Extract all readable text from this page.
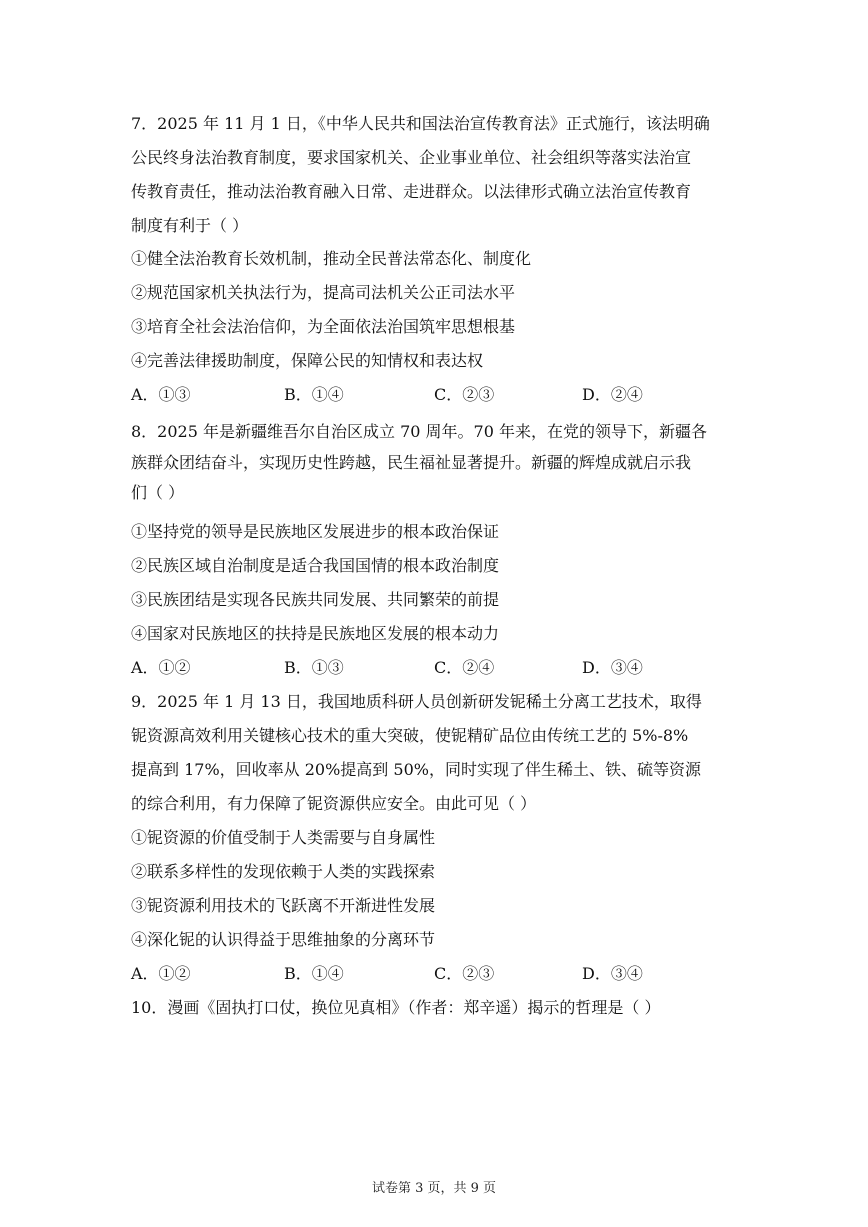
7．2025 年 11 月 1 日，《中华人民共和国法治宣传教育法》正式施行，该法明确
公民终身法治教育制度，要求国家机关、企业事业单位、社会组织等落实法治宣
传教育责任，推动法治教育融入日常、走进群众。以法律形式确立法治宣传教育
制度有利于（ ）
①健全法治教育长效机制，推动全民普法常态化、制度化
②规范国家机关执法行为，提高司法机关公正司法水平
③培育全社会法治信仰，为全面依法治国筑牢思想根基
④完善法律援助制度，保障公民的知情权和表达权
A．①③	B．①④	C．②③	D．②④
8．2025 年是新疆维吾尔自治区成立 70 周年。70 年来，在党的领导下，新疆各
族群众团结奋斗，实现历史性跨越，民生福祉显著提升。新疆的辉煌成就启示我
们（ ）
①坚持党的领导是民族地区发展进步的根本政治保证
②民族区域自治制度是适合我国国情的根本政治制度
③民族团结是实现各民族共同发展、共同繁荣的前提
④国家对民族地区的扶持是民族地区发展的根本动力
A．①②	B．①③	C．②④	D．③④
9．2025 年 1 月 13 日，我国地质科研人员创新研发铌稀土分离工艺技术，取得
铌资源高效利用关键核心技术的重大突破，使铌精矿品位由传统工艺的 5%-8%
提高到 17%，回收率从 20%提高到 50%，同时实现了伴生稀土、铁、硫等资源
的综合利用，有力保障了铌资源供应安全。由此可见（ ）
①铌资源的价值受制于人类需要与自身属性
②联系多样性的发现依赖于人类的实践探索
③铌资源利用技术的飞跃离不开渐进性发展
④深化铌的认识得益于思维抽象的分离环节
A．①②	B．①④	C．②③	D．③④
10．漫画《固执打口仗，换位见真相》（作者：郑辛遥）揭示的哲理是（ ）
试卷第 3 页，共 9 页
